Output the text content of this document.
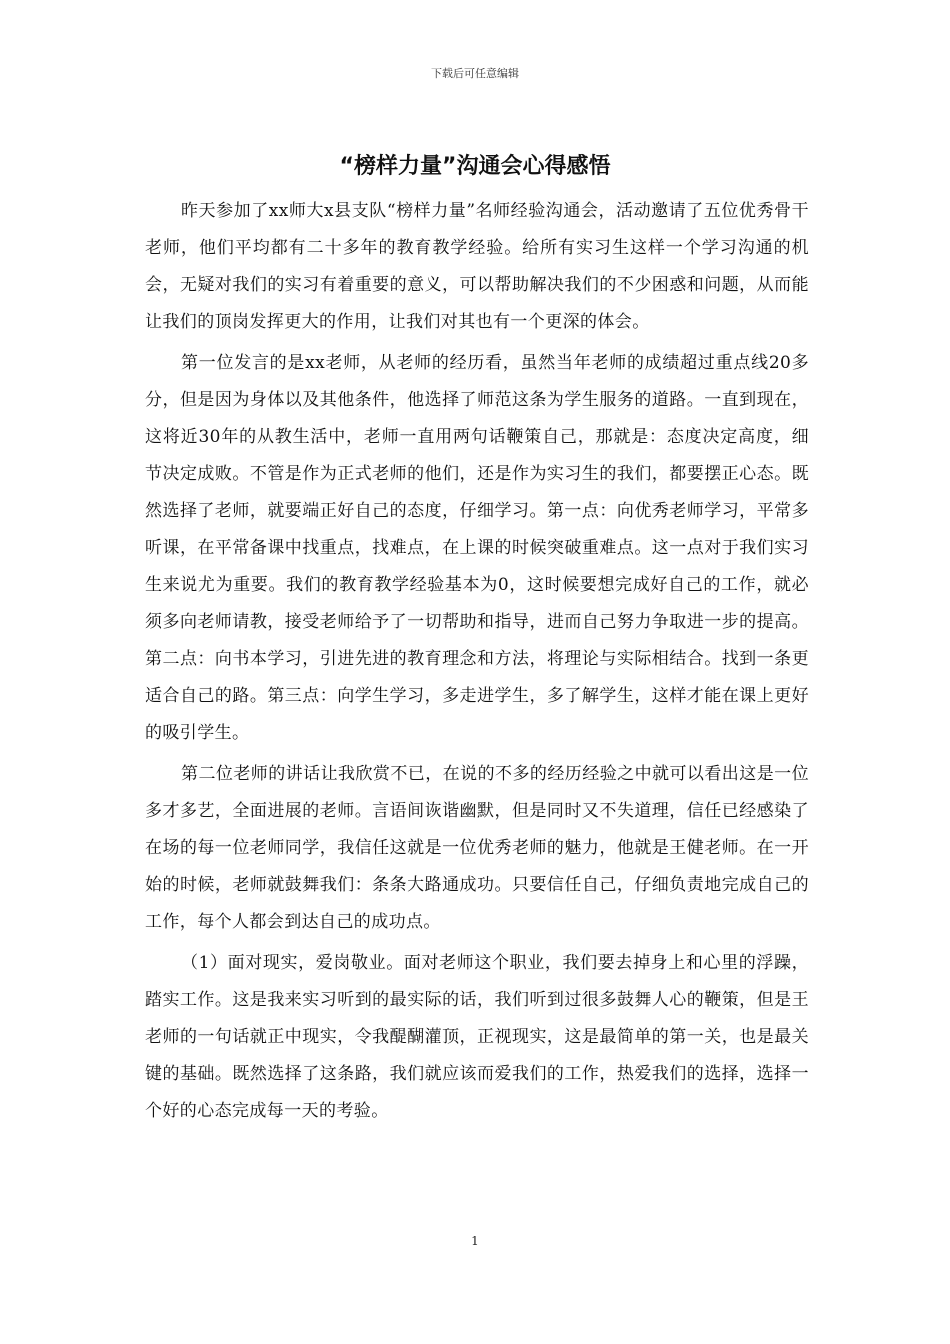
下载后可任意编辑
“榜样力量”沟通会心得感悟

昨天参加了xx师大x县支队“榜样力量”名师经验沟通会，活动邀请了五位优秀骨干老师，他们平均都有二十多年的教育教学经验。给所有实习生这样一个学习沟通的机会，无疑对我们的实习有着重要的意义，可以帮助解决我们的不少困惑和问题，从而能让我们的顶岗发挥更大的作用，让我们对其也有一个更深的体会。

第一位发言的是xx老师，从老师的经历看，虽然当年老师的成绩超过重点线20多分，但是因为身体以及其他条件，他选择了师范这条为学生服务的道路。一直到现在，这将近30年的从教生活中，老师一直用两句话鞭策自己，那就是：态度决定高度，细节决定成败。不管是作为正式老师的他们，还是作为实习生的我们，都要摆正心态。既然选择了老师，就要端正好自己的态度，仔细学习。第一点：向优秀老师学习，平常多听课，在平常备课中找重点，找难点，在上课的时候突破重难点。这一点对于我们实习生来说尤为重要。我们的教育教学经验基本为0，这时候要想完成好自己的工作，就必须多向老师请教，接受老师给予了一切帮助和指导，进而自己努力争取进一步的提高。第二点：向书本学习，引进先进的教育理念和方法，将理论与实际相结合。找到一条更适合自己的路。第三点：向学生学习，多走进学生，多了解学生，这样才能在课上更好的吸引学生。

第二位老师的讲话让我欣赏不已，在说的不多的经历经验之中就可以看出这是一位多才多艺，全面进展的老师。言语间诙谐幽默，但是同时又不失道理，信任已经感染了在场的每一位老师同学，我信任这就是一位优秀老师的魅力，他就是王健老师。在一开始的时候，老师就鼓舞我们：条条大路通成功。只要信任自己，仔细负责地完成自己的工作，每个人都会到达自己的成功点。

（1）面对现实，爱岗敬业。面对老师这个职业，我们要去掉身上和心里的浮躁，踏实工作。这是我来实习听到的最实际的话，我们听到过很多鼓舞人心的鞭策，但是王老师的一句话就正中现实，令我醍醐灌顶，正视现实，这是最简单的第一关，也是最关键的基础。既然选择了这条路，我们就应该而爱我们的工作，热爱我们的选择，选择一个好的心态完成每一天的考验。

1
